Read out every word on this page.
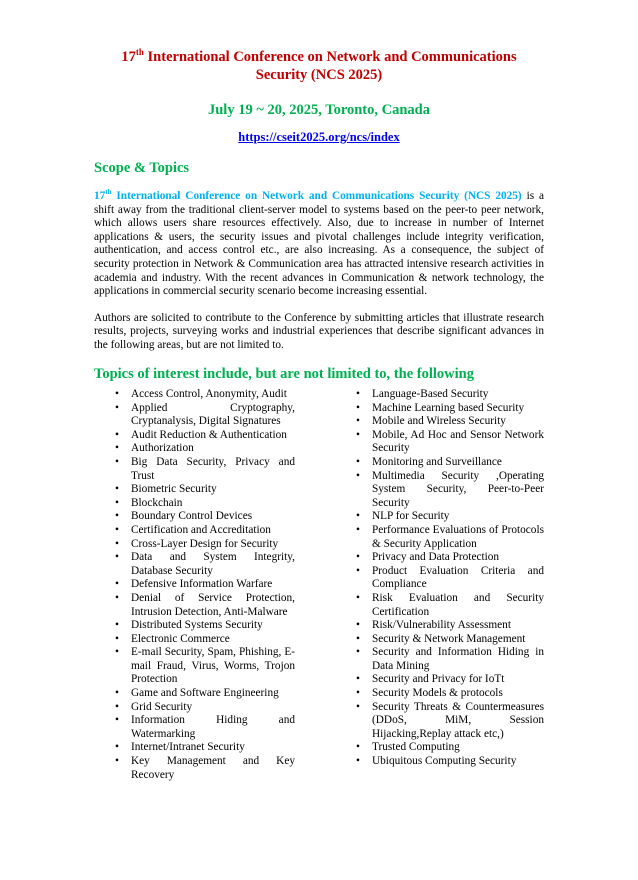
17th International Conference on Network and Communications
Security (NCS 2025)
July 19 ~ 20, 2025, Toronto, Canada
https://cseit2025.org/ncs/index
Scope & Topics
17th International Conference on Network and Communications Security (NCS 2025) is a shift away from the traditional client-server model to systems based on the peer-to peer network, which allows users share resources effectively. Also, due to increase in number of Internet applications & users, the security issues and pivotal challenges include integrity verification, authentication, and access control etc., are also increasing. As a consequence, the subject of security protection in Network & Communication area has attracted intensive research activities in academia and industry. With the recent advances in Communication & network technology, the applications in commercial security scenario become increasing essential.
Authors are solicited to contribute to the Conference by submitting articles that illustrate research results, projects, surveying works and industrial experiences that describe significant advances in the following areas, but are not limited to.
Topics of interest include, but are not limited to, the following
• Access Control, Anonymity, Audit
• Applied Cryptography, Cryptanalysis, Digital Signatures
• Audit Reduction & Authentication
• Authorization
• Big Data Security, Privacy and Trust
• Biometric Security
• Blockchain
• Boundary Control Devices
• Certification and Accreditation
• Cross-Layer Design for Security
• Data and System Integrity, Database Security
• Defensive Information Warfare
• Denial of Service Protection, Intrusion Detection, Anti-Malware
• Distributed Systems Security
• Electronic Commerce
• E-mail Security, Spam, Phishing, E-mail Fraud, Virus, Worms, Trojon Protection
• Game and Software Engineering
• Grid Security
• Information Hiding and Watermarking
• Internet/Intranet Security
• Key Management and Key Recovery
• Language-Based Security
• Machine Learning based Security
• Mobile and Wireless Security
• Mobile, Ad Hoc and Sensor Network Security
• Monitoring and Surveillance
• Multimedia Security ,Operating System Security, Peer-to-Peer Security
• NLP for Security
• Performance Evaluations of Protocols & Security Application
• Privacy and Data Protection
• Product Evaluation Criteria and Compliance
• Risk Evaluation and Security Certification
• Risk/Vulnerability Assessment
• Security & Network Management
• Security and Information Hiding in Data Mining
• Security and Privacy for IoTt
• Security Models & protocols
• Security Threats & Countermeasures (DDoS, MiM, Session Hijacking,Replay attack etc,)
• Trusted Computing
• Ubiquitous Computing Security
